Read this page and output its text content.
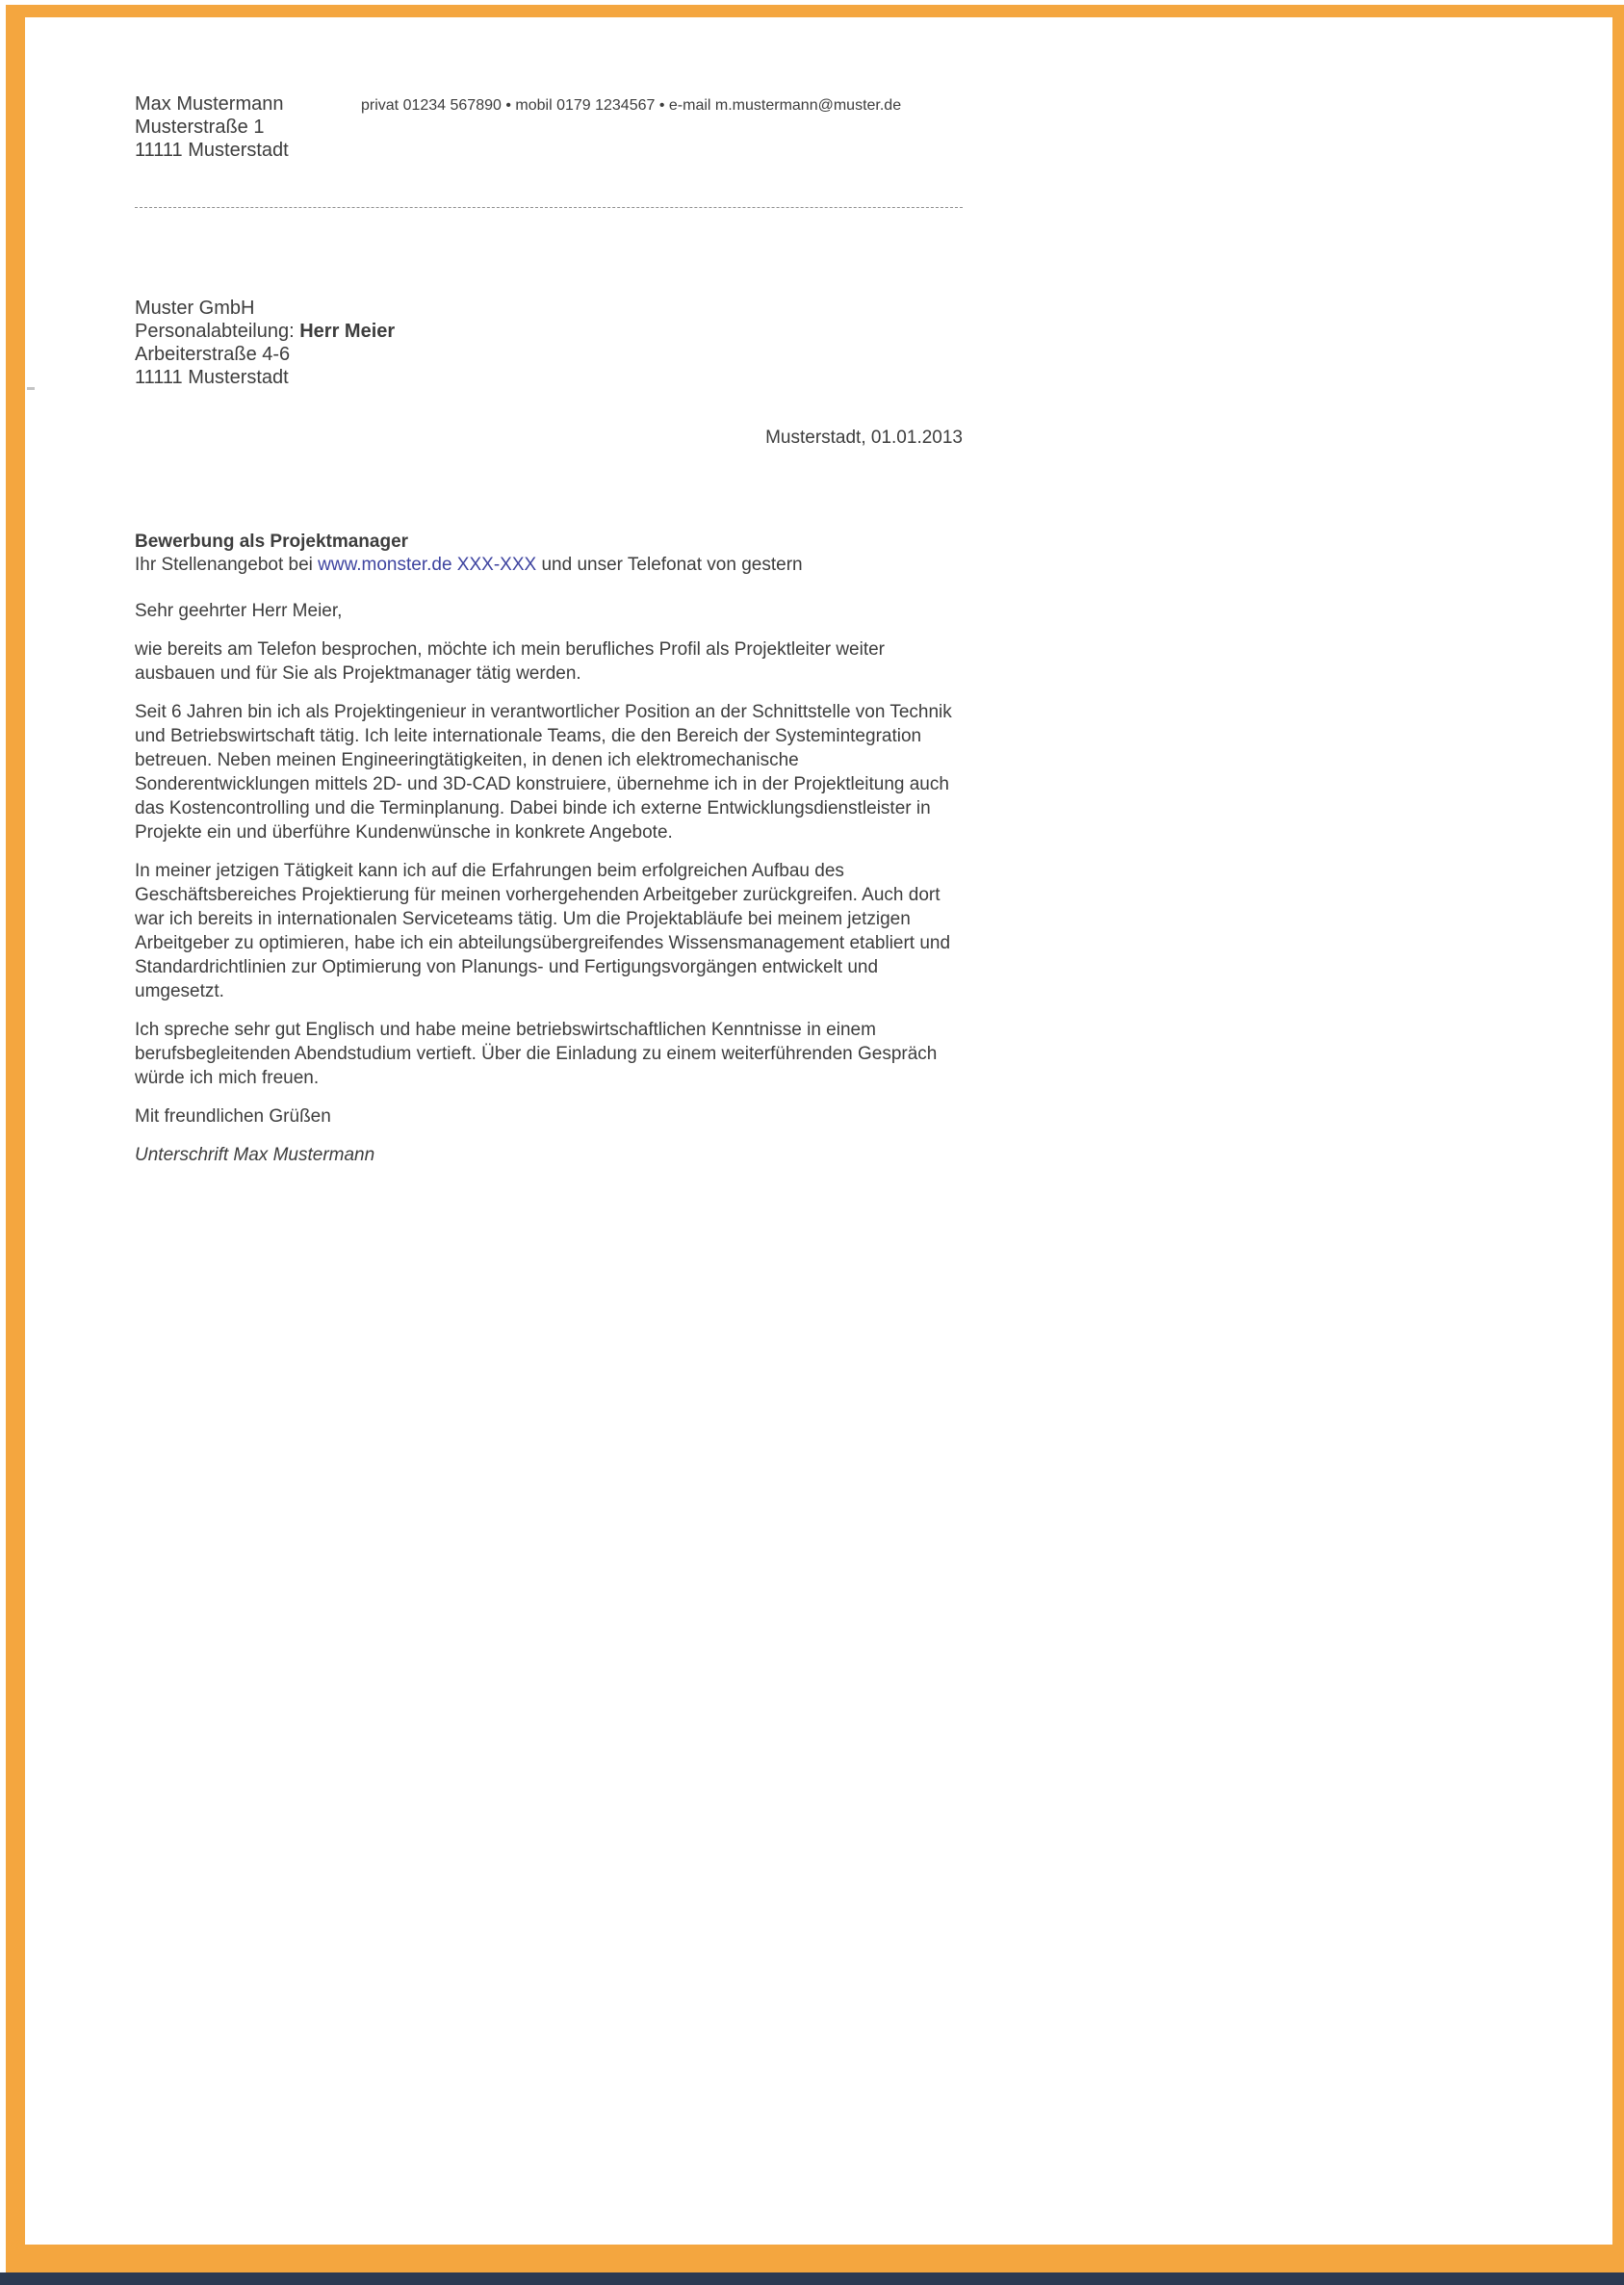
Max Mustermann
Musterstraße 1
11111 Musterstadt
privat 01234 567890 • mobil 0179 1234567 • e-mail m.mustermann@muster.de
Muster GmbH
Personalabteilung: Herr Meier
Arbeiterstraße 4-6
11111 Musterstadt
Musterstadt, 01.01.2013
Bewerbung als Projektmanager
Ihr Stellenangebot bei www.monster.de XXX-XXX und unser Telefonat von gestern

Sehr geehrter Herr Meier,

wie bereits am Telefon besprochen, möchte ich mein berufliches Profil als Projektleiter weiter ausbauen und für Sie als Projektmanager tätig werden.

Seit 6 Jahren bin ich als Projektingenieur in verantwortlicher Position an der Schnittstelle von Technik und Betriebswirtschaft tätig. Ich leite internationale Teams, die den Bereich der Systemintegration betreuen. Neben meinen Engineeringtätigkeiten, in denen ich elektromechanische Sonderentwicklungen mittels 2D- und 3D-CAD konstruiere, übernehme ich in der Projektleitung auch das Kostencontrolling und die Terminplanung. Dabei binde ich externe Entwicklungsdienstleister in Projekte ein und überführe Kundenwünsche in konkrete Angebote.

In meiner jetzigen Tätigkeit kann ich auf die Erfahrungen beim erfolgreichen Aufbau des Geschäftsbereiches Projektierung für meinen vorhergehenden Arbeitgeber zurückgreifen. Auch dort war ich bereits in internationalen Serviceteams tätig. Um die Projektabläufe bei meinem jetzigen Arbeitgeber zu optimieren, habe ich ein abteilungsübergreifendes Wissensmanagement etabliert und Standardrichtlinien zur Optimierung von Planungs- und Fertigungsvorgängen entwickelt und umgesetzt.

Ich spreche sehr gut Englisch und habe meine betriebswirtschaftlichen Kenntnisse in einem berufsbegleitenden Abendstudium vertieft. Über die Einladung zu einem weiterführenden Gespräch würde ich mich freuen.

Mit freundlichen Grüßen

Unterschrift Max Mustermann
